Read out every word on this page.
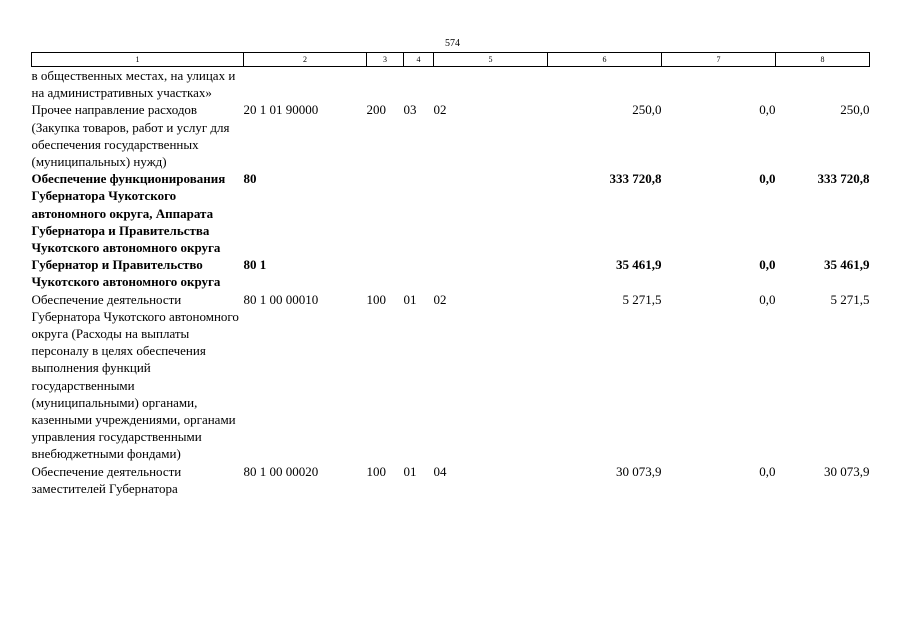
574
1	2	3	4	5	6	7	8
в общественных местах, на улицах и на административных участках»							
Прочее направление расходов (Закупка товаров, работ и услуг для обеспечения государственных (муниципальных) нужд)	20 1 01 90000	200	03	02	250,0	0,0	250,0
Обеспечение функционирования Губернатора Чукотского автономного округа, Аппарата Губернатора и Правительства Чукотского автономного округа	80				333 720,8	0,0	333 720,8
Губернатор и Правительство Чукотского автономного округа	80 1				35 461,9	0,0	35 461,9
Обеспечение деятельности Губернатора Чукотского автономного округа (Расходы на выплаты персоналу в целях обеспечения выполнения функций государственными (муниципальными) органами, казенными учреждениями, органами управления государственными внебюджетными фондами)	80 1 00 00010	100	01	02	5 271,5	0,0	5 271,5
Обеспечение деятельности заместителей Губернатора	80 1 00 00020	100	01	04	30 073,9	0,0	30 073,9
